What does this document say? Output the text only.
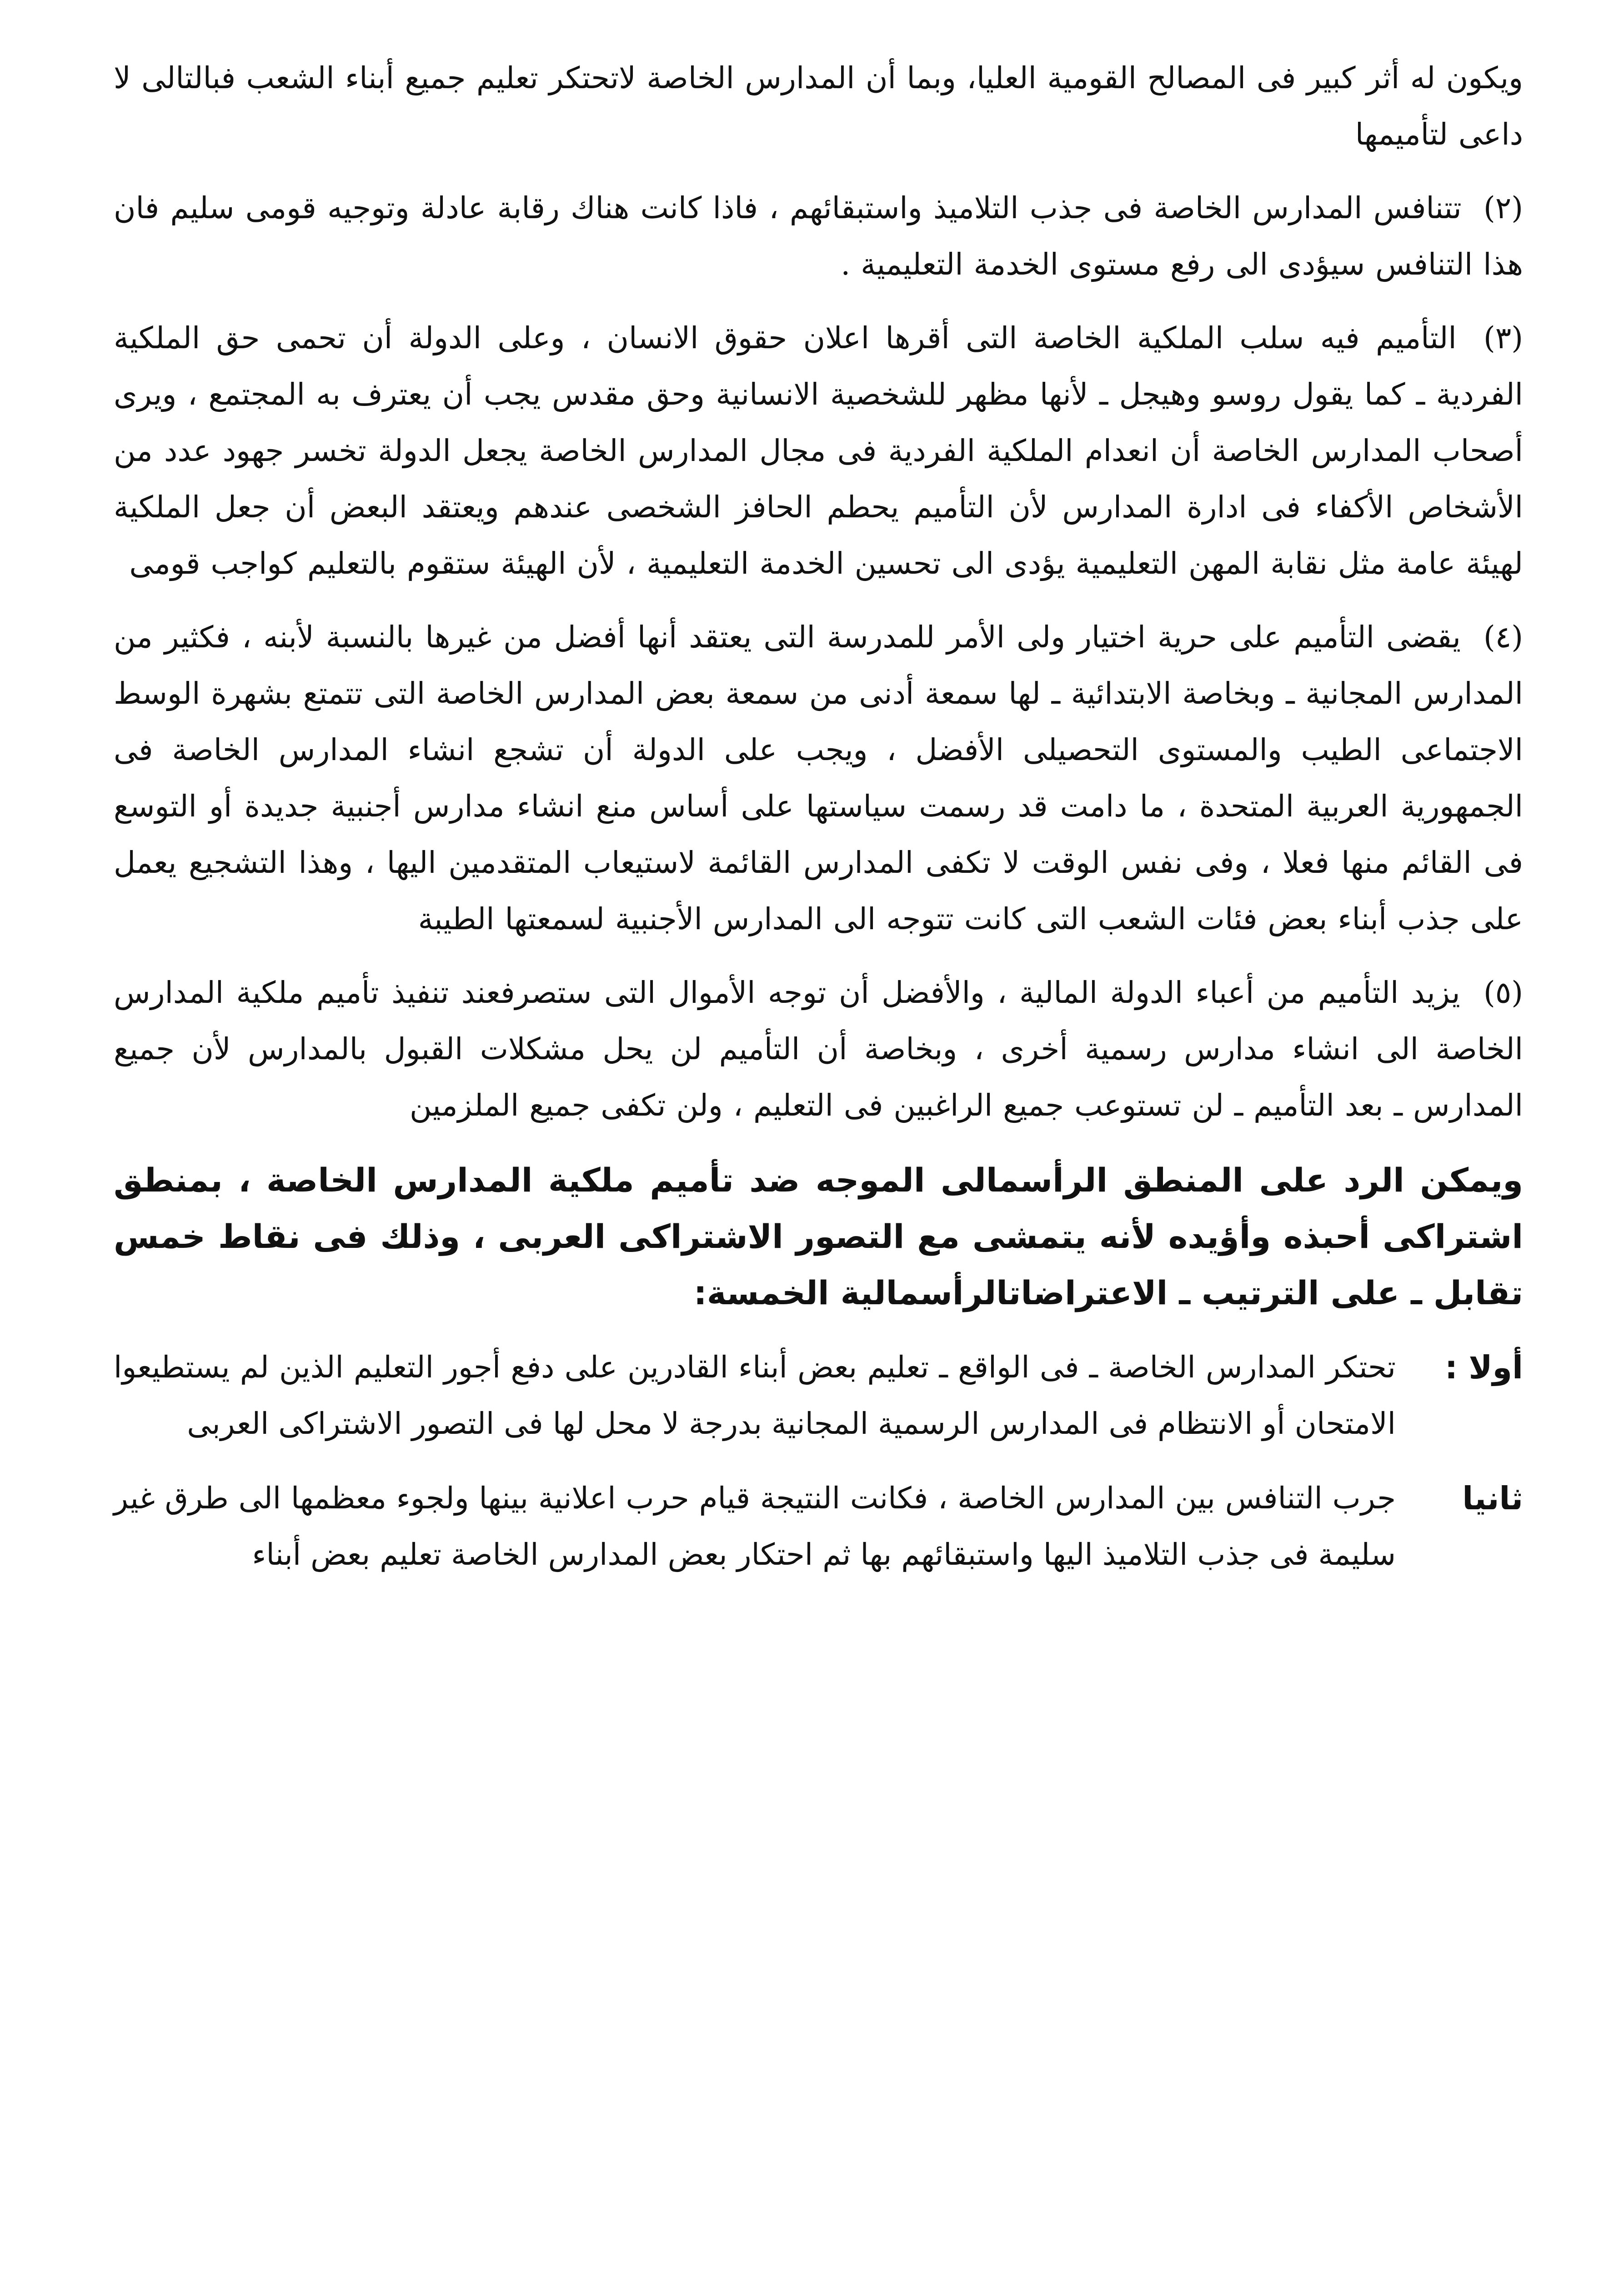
ويكون له أثر كبير فى المصالح القومية العليا، وبما أن المدارس الخاصة لاتحتكر تعليم جميع أبناء الشعب فبالتالى لا داعى لتأميمها

(٢) تتنافس المدارس الخاصة فى جذب التلاميذ واستبقائهم ، فاذا كانت هناك رقابة عادلة وتوجيه قومى سليم فان هذا التنافس سيؤدى الى رفع مستوى الخدمة التعليمية .

(٣) التأميم فيه سلب الملكية الخاصة التى أقرها اعلان حقوق الانسان ، وعلى الدولة أن تحمى حق الملكية الفردية ـ كما يقول روسو وهيجل ـ لأنها مظهر للشخصية الانسانية وحق مقدس يجب أن يعترف به المجتمع ، ويرى أصحاب المدارس الخاصة أن انعدام الملكية الفردية فى مجال المدارس الخاصة يجعل الدولة تخسر جهود عدد من الأشخاص الأكفاء فى ادارة المدارس لأن التأميم يحطم الحافز الشخصى عندهم ويعتقد البعض أن جعل الملكية لهيئة عامة مثل نقابة المهن التعليمية يؤدى الى تحسين الخدمة التعليمية ، لأن الهيئة ستقوم بالتعليم كواجب قومى

(٤) يقضى التأميم على حرية اختيار ولى الأمر للمدرسة التى يعتقد أنها أفضل من غيرها بالنسبة لأبنه ، فكثير من المدارس المجانية ـ وبخاصة الابتدائية ـ لها سمعة أدنى من سمعة بعض المدارس الخاصة التى تتمتع بشهرة الوسط الاجتماعى الطيب والمستوى التحصيلى الأفضل ، ويجب على الدولة أن تشجع انشاء المدارس الخاصة فى الجمهورية العربية المتحدة ، ما دامت قد رسمت سياستها على أساس منع انشاء مدارس أجنبية جديدة أو التوسع فى القائم منها فعلا ، وفى نفس الوقت لا تكفى المدارس القائمة لاستيعاب المتقدمين اليها ، وهذا التشجيع يعمل على جذب أبناء بعض فئات الشعب التى كانت تتوجه الى المدارس الأجنبية لسمعتها الطيبة

(٥) يزيد التأميم من أعباء الدولة المالية ، والأفضل أن توجه الأموال التى ستصرفعند تنفيذ تأميم ملكية المدارس الخاصة الى انشاء مدارس رسمية أخرى ، وبخاصة أن التأميم لن يحل مشكلات القبول بالمدارس لأن جميع المدارس ـ بعد التأميم ـ لن تستوعب جميع الراغبين فى التعليم ، ولن تكفى جميع الملزمين

ويمكن الرد على المنطق الرأسمالى الموجه ضد تأميم ملكية المدارس الخاصة ، بمنطق اشتراكى أحبذه وأؤيده لأنه يتمشى مع التصور الاشتراكى العربى ، وذلك فى نقاط خمس تقابل ـ على الترتيب ـ الاعتراضاتالرأسمالية الخمسة:

أولا :
تحتكر المدارس الخاصة ـ فى الواقع ـ تعليم بعض أبناء القادرين على دفع أجور التعليم الذين لم يستطيعوا الامتحان أو الانتظام فى المدارس الرسمية المجانية بدرجة لا محل لها فى التصور الاشتراكى العربى
ثانيا
جرب التنافس بين المدارس الخاصة ، فكانت النتيجة قيام حرب اعلانية بينها ولجوء معظمها الى طرق غير سليمة فى جذب التلاميذ اليها واستبقائهم بها ثم احتكار بعض المدارس الخاصة تعليم بعض أبناء
